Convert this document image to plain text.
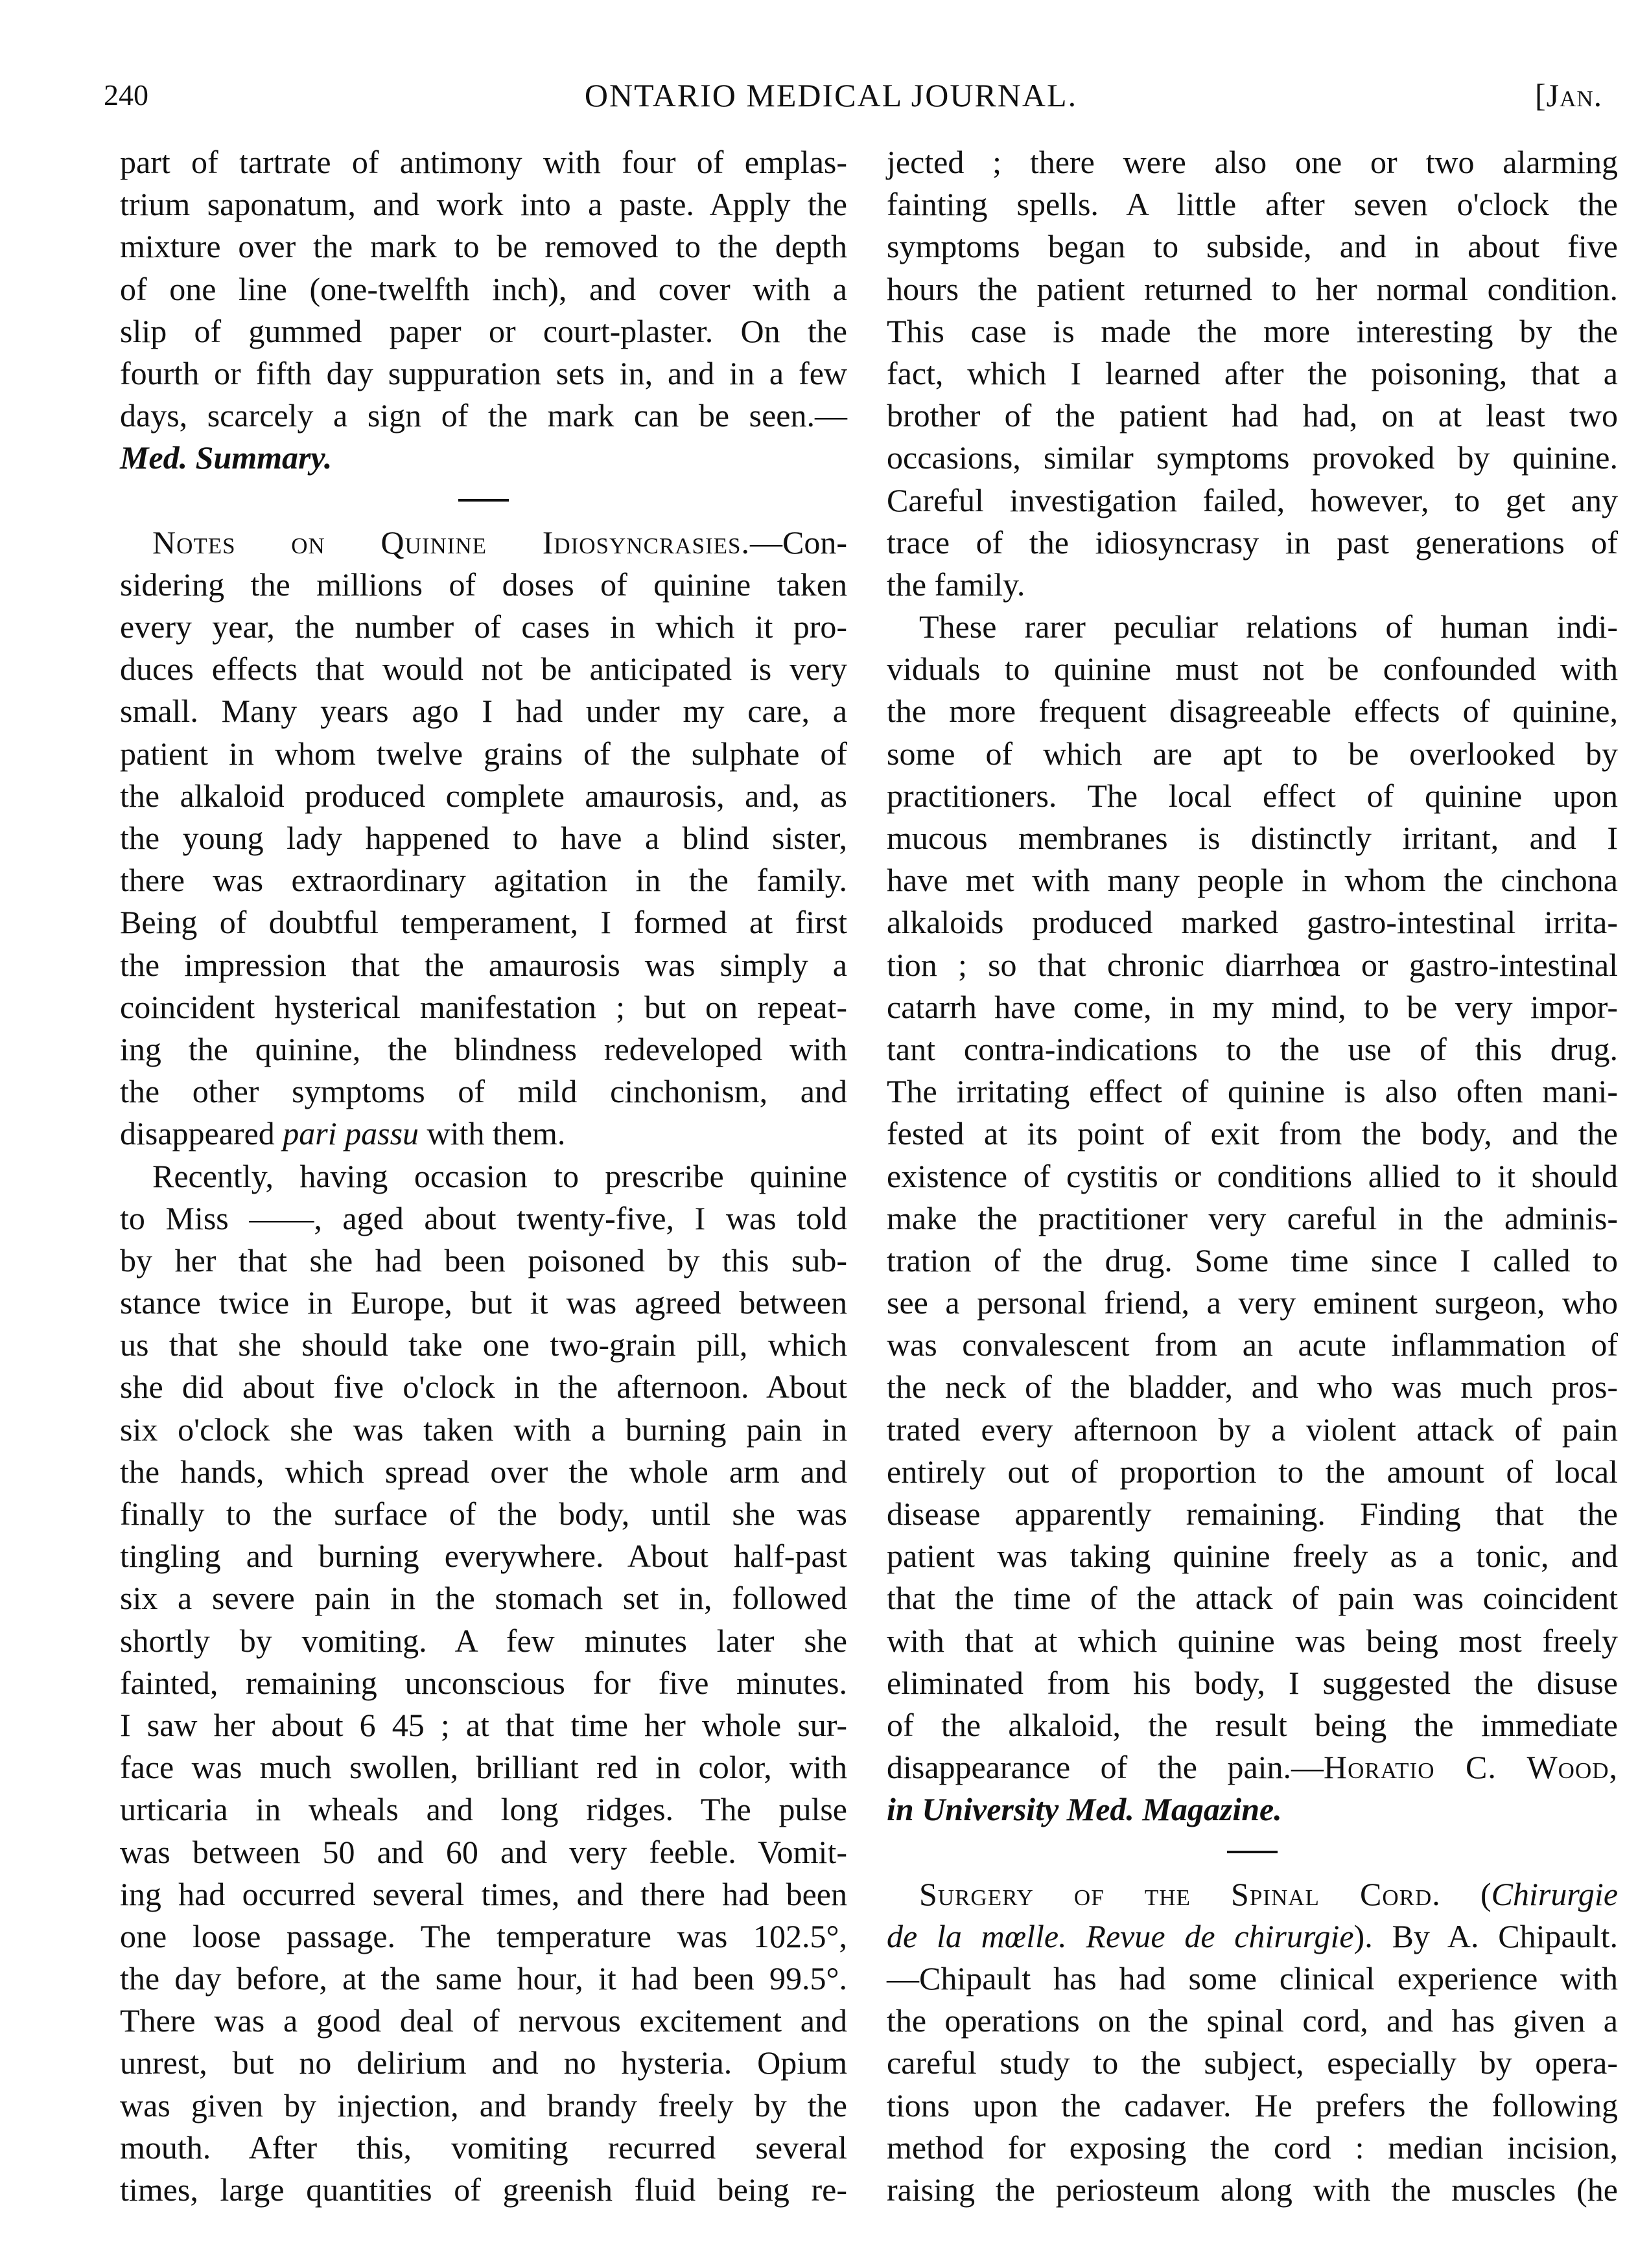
240	ONTARIO MEDICAL JOURNAL.	[Jan.
part of tartrate of antimony with four of emplas-
trium saponatum, and work into a paste. Apply the
mixture over the mark to be removed to the depth
of one line (one-twelfth inch), and cover with a
slip of gummed paper or court-plaster. On the
fourth or fifth day suppuration sets in, and in a few
days, scarcely a sign of the mark can be seen.—
Med. Summary.
Notes on Quinine Idiosyncrasies.—Con-
sidering the millions of doses of quinine taken
every year, the number of cases in which it pro-
duces effects that would not be anticipated is very
small. Many years ago I had under my care, a
patient in whom twelve grains of the sulphate of
the alkaloid produced complete amaurosis, and, as
the young lady happened to have a blind sister,
there was extraordinary agitation in the family.
Being of doubtful temperament, I formed at first
the impression that the amaurosis was simply a
coincident hysterical manifestation ; but on repeat-
ing the quinine, the blindness redeveloped with
the other symptoms of mild cinchonism, and
disappeared pari passu with them.
Recently, having occasion to prescribe quinine
to Miss ——, aged about twenty-five, I was told
by her that she had been poisoned by this sub-
stance twice in Europe, but it was agreed between
us that she should take one two-grain pill, which
she did about five o'clock in the afternoon. About
six o'clock she was taken with a burning pain in
the hands, which spread over the whole arm and
finally to the surface of the body, until she was
tingling and burning everywhere. About half-past
six a severe pain in the stomach set in, followed
shortly by vomiting. A few minutes later she
fainted, remaining unconscious for five minutes.
I saw her about 6 45 ; at that time her whole sur-
face was much swollen, brilliant red in color, with
urticaria in wheals and long ridges. The pulse
was between 50 and 60 and very feeble. Vomit-
ing had occurred several times, and there had been
one loose passage. The temperature was 102.5°,
the day before, at the same hour, it had been 99.5°.
There was a good deal of nervous excitement and
unrest, but no delirium and no hysteria. Opium
was given by injection, and brandy freely by the
mouth. After this, vomiting recurred several
times, large quantities of greenish fluid being re-
jected ; there were also one or two alarming
fainting spells. A little after seven o'clock the
symptoms began to subside, and in about five
hours the patient returned to her normal condition.
This case is made the more interesting by the
fact, which I learned after the poisoning, that a
brother of the patient had had, on at least two
occasions, similar symptoms provoked by quinine.
Careful investigation failed, however, to get any
trace of the idiosyncrasy in past generations of
the family.
These rarer peculiar relations of human indi-
viduals to quinine must not be confounded with
the more frequent disagreeable effects of quinine,
some of which are apt to be overlooked by
practitioners. The local effect of quinine upon
mucous membranes is distinctly irritant, and I
have met with many people in whom the cinchona
alkaloids produced marked gastro-intestinal irrita-
tion ; so that chronic diarrhœa or gastro-intestinal
catarrh have come, in my mind, to be very impor-
tant contra-indications to the use of this drug.
The irritating effect of quinine is also often mani-
fested at its point of exit from the body, and the
existence of cystitis or conditions allied to it should
make the practitioner very careful in the adminis-
tration of the drug. Some time since I called to
see a personal friend, a very eminent surgeon, who
was convalescent from an acute inflammation of
the neck of the bladder, and who was much pros-
trated every afternoon by a violent attack of pain
entirely out of proportion to the amount of local
disease apparently remaining. Finding that the
patient was taking quinine freely as a tonic, and
that the time of the attack of pain was coincident
with that at which quinine was being most freely
eliminated from his body, I suggested the disuse
of the alkaloid, the result being the immediate
disappearance of the pain.—Horatio C. Wood,
in University Med. Magazine.
Surgery of the Spinal Cord. (Chirurgie
de la mœlle. Revue de chirurgie). By A. Chipault.
—Chipault has had some clinical experience with
the operations on the spinal cord, and has given a
careful study to the subject, especially by opera-
tions upon the cadaver. He prefers the following
method for exposing the cord : median incision,
raising the periosteum along with the muscles (he
